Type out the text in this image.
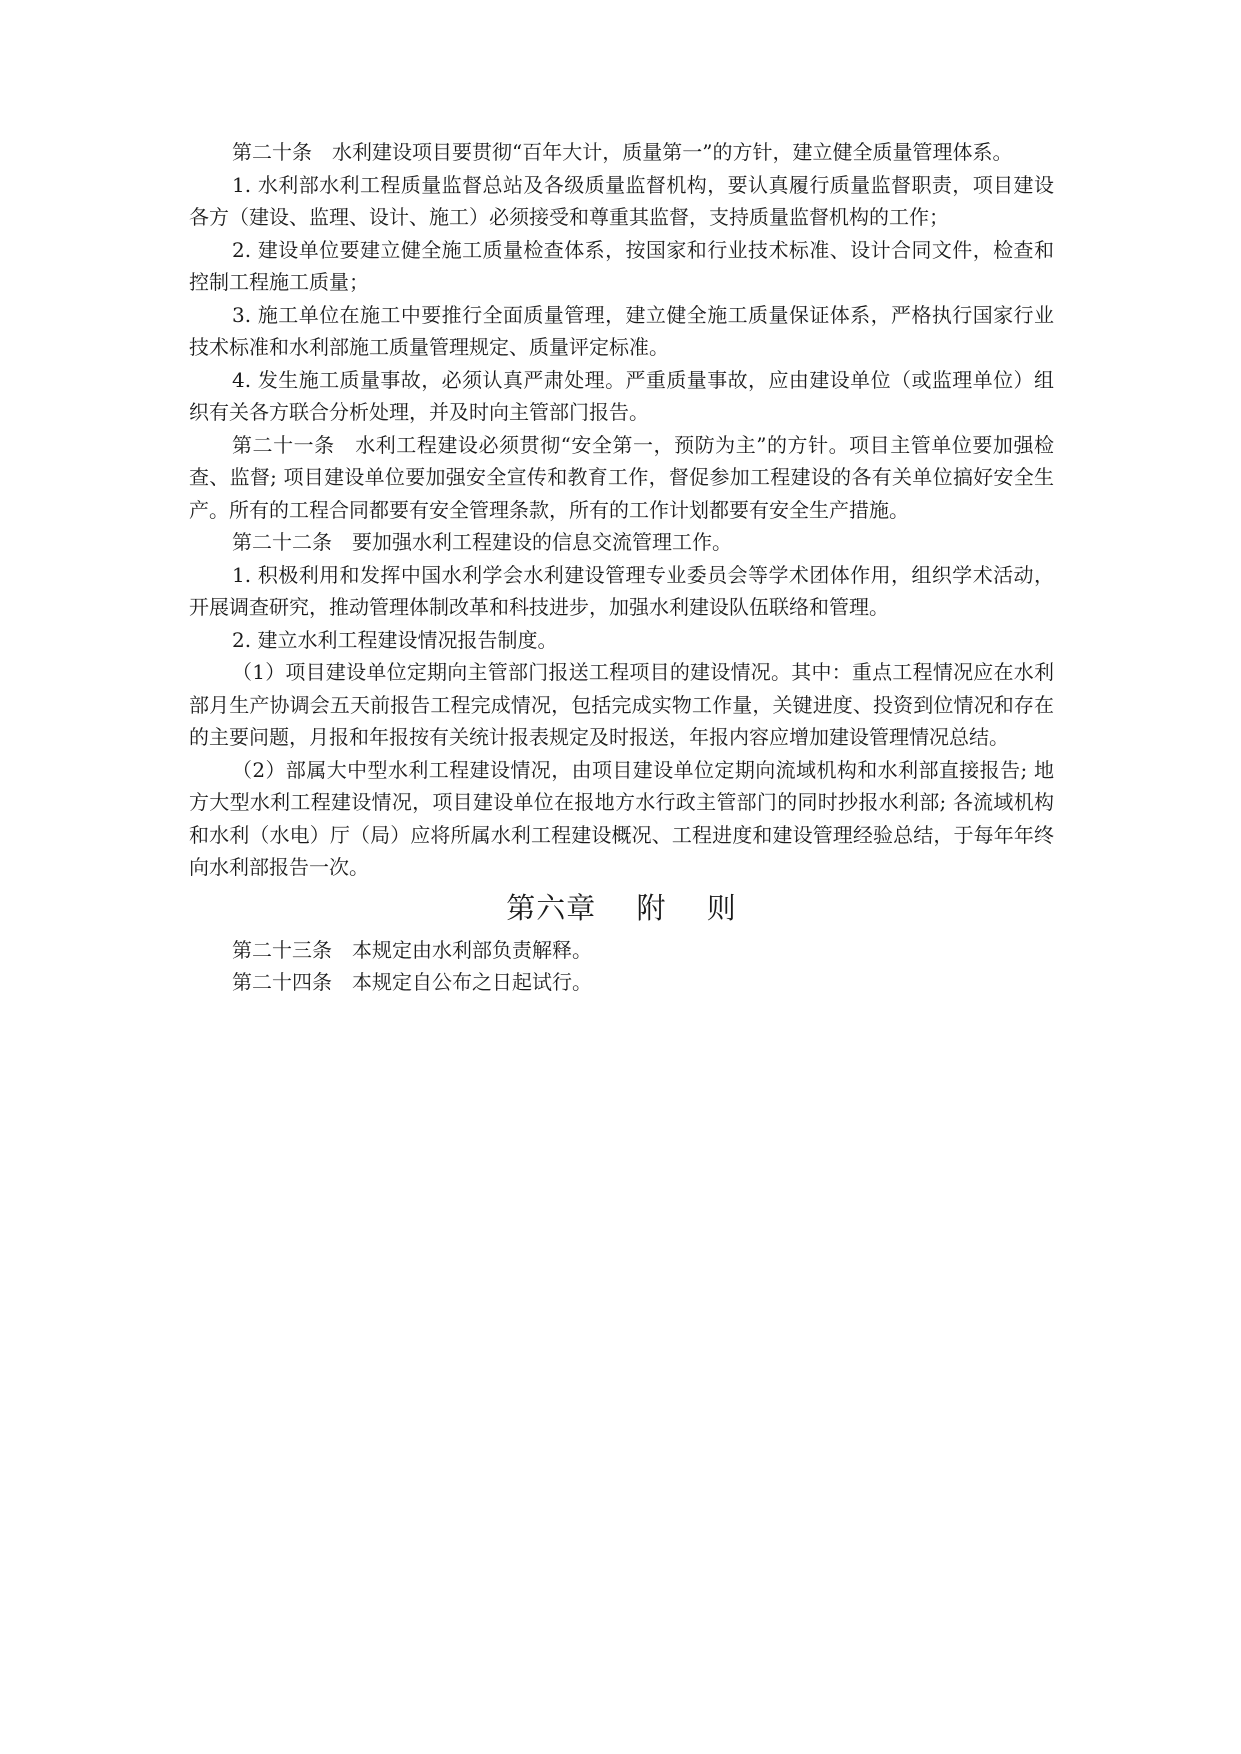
第二十条　水利建设项目要贯彻“百年大计，质量第一”的方针，建立健全质量管理体系。

1. 水利部水利工程质量监督总站及各级质量监督机构，要认真履行质量监督职责，项目建设各方（建设、监理、设计、施工）必须接受和尊重其监督，支持质量监督机构的工作；

2. 建设单位要建立健全施工质量检查体系，按国家和行业技术标准、设计合同文件，检查和控制工程施工质量；

3. 施工单位在施工中要推行全面质量管理，建立健全施工质量保证体系，严格执行国家行业技术标准和水利部施工质量管理规定、质量评定标准。

4. 发生施工质量事故，必须认真严肃处理。严重质量事故，应由建设单位（或监理单位）组织有关各方联合分析处理，并及时向主管部门报告。

第二十一条　水利工程建设必须贯彻“安全第一，预防为主”的方针。项目主管单位要加强检查、监督; 项目建设单位要加强安全宣传和教育工作，督促参加工程建设的各有关单位搞好安全生产。所有的工程合同都要有安全管理条款，所有的工作计划都要有安全生产措施。

第二十二条　要加强水利工程建设的信息交流管理工作。

1. 积极利用和发挥中国水利学会水利建设管理专业委员会等学术团体作用，组织学术活动，开展调查研究，推动管理体制改革和科技进步，加强水利建设队伍联络和管理。

2. 建立水利工程建设情况报告制度。

（1）项目建设单位定期向主管部门报送工程项目的建设情况。其中：重点工程情况应在水利部月生产协调会五天前报告工程完成情况，包括完成实物工作量，关键进度、投资到位情况和存在的主要问题，月报和年报按有关统计报表规定及时报送，年报内容应增加建设管理情况总结。

（2）部属大中型水利工程建设情况，由项目建设单位定期向流域机构和水利部直接报告; 地方大型水利工程建设情况，项目建设单位在报地方水行政主管部门的同时抄报水利部; 各流域机构和水利（水电）厅（局）应将所属水利工程建设概况、工程进度和建设管理经验总结，于每年年终向水利部报告一次。

第六章　 附　 则

第二十三条　本规定由水利部负责解释。

第二十四条　本规定自公布之日起试行。
